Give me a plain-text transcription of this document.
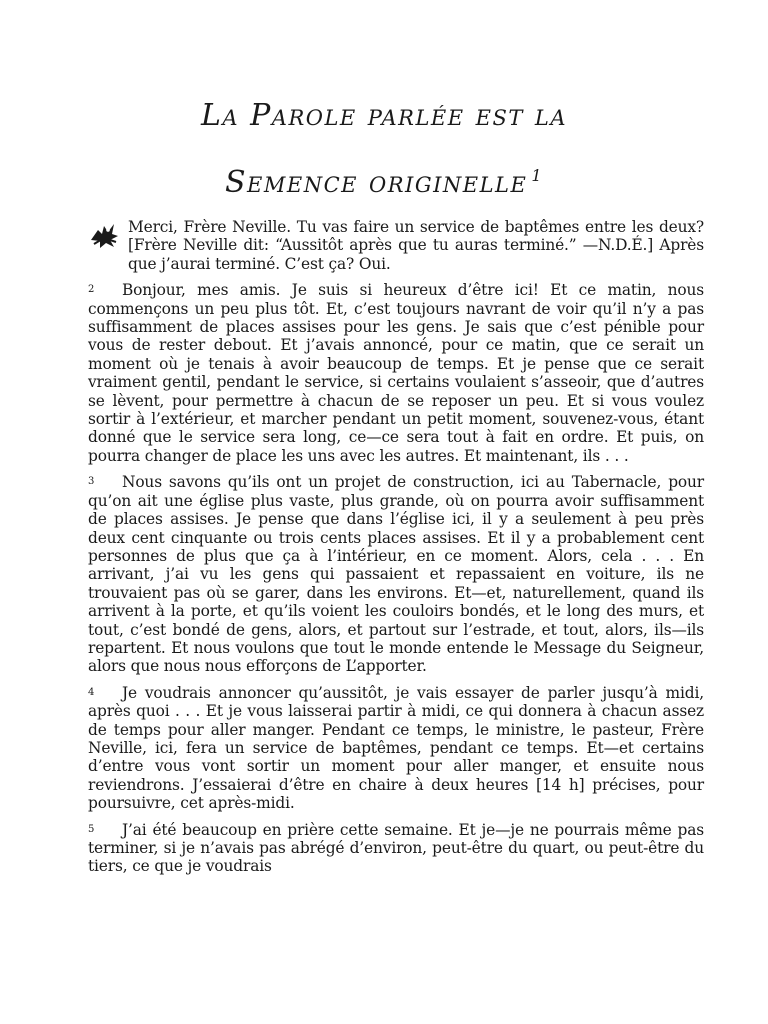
La Parole parlée est la
Semence originelle $^1$

Merci, Frère Neville. Tu vas faire un service de baptêmes entre les deux? [Frère Neville dit: “Aussitôt après que tu auras terminé.” —N.D.É.] Après que j’aurai terminé. C’est ça? Oui.

2 Bonjour, mes amis. Je suis si heureux d’être ici! Et ce matin, nous commençons un peu plus tôt. Et, c’est toujours navrant de voir qu’il n’y a pas suffisamment de places assises pour les gens. Je sais que c’est pénible pour vous de rester debout. Et j’avais annoncé, pour ce matin, que ce serait un moment où je tenais à avoir beaucoup de temps. Et je pense que ce serait vraiment gentil, pendant le service, si certains voulaient s’asseoir, que d’autres se lèvent, pour permettre à chacun de se reposer un peu. Et si vous voulez sortir à l’extérieur, et marcher pendant un petit moment, souvenez-vous, étant donné que le service sera long, ce—ce sera tout à fait en ordre. Et puis, on pourra changer de place les uns avec les autres. Et maintenant, ils . . .

3 Nous savons qu’ils ont un projet de construction, ici au Tabernacle, pour qu’on ait une église plus vaste, plus grande, où on pourra avoir suffisamment de places assises. Je pense que dans l’église ici, il y a seulement à peu près deux cent cinquante ou trois cents places assises. Et il y a probablement cent personnes de plus que ça à l’intérieur, en ce moment. Alors, cela . . . En arrivant, j’ai vu les gens qui passaient et repassaient en voiture, ils ne trouvaient pas où se garer, dans les environs. Et—et, naturellement, quand ils arrivent à la porte, et qu’ils voient les couloirs bondés, et le long des murs, et tout, c’est bondé de gens, alors, et partout sur l’estrade, et tout, alors, ils—ils repartent. Et nous voulons que tout le monde entende le Message du Seigneur, alors que nous nous efforçons de L’apporter.

4 Je voudrais annoncer qu’aussitôt, je vais essayer de parler jusqu’à midi, après quoi . . . Et je vous laisserai partir à midi, ce qui donnera à chacun assez de temps pour aller manger. Pendant ce temps, le ministre, le pasteur, Frère Neville, ici, fera un service de baptêmes, pendant ce temps. Et—et certains d’entre vous vont sortir un moment pour aller manger, et ensuite nous reviendrons. J’essaierai d’être en chaire à deux heures [14 h] précises, pour poursuivre, cet après-midi.

5 J’ai été beaucoup en prière cette semaine. Et je—je ne pourrais même pas terminer, si je n’avais pas abrégé d’environ, peut-être du quart, ou peut-être du tiers, ce que je voudrais
